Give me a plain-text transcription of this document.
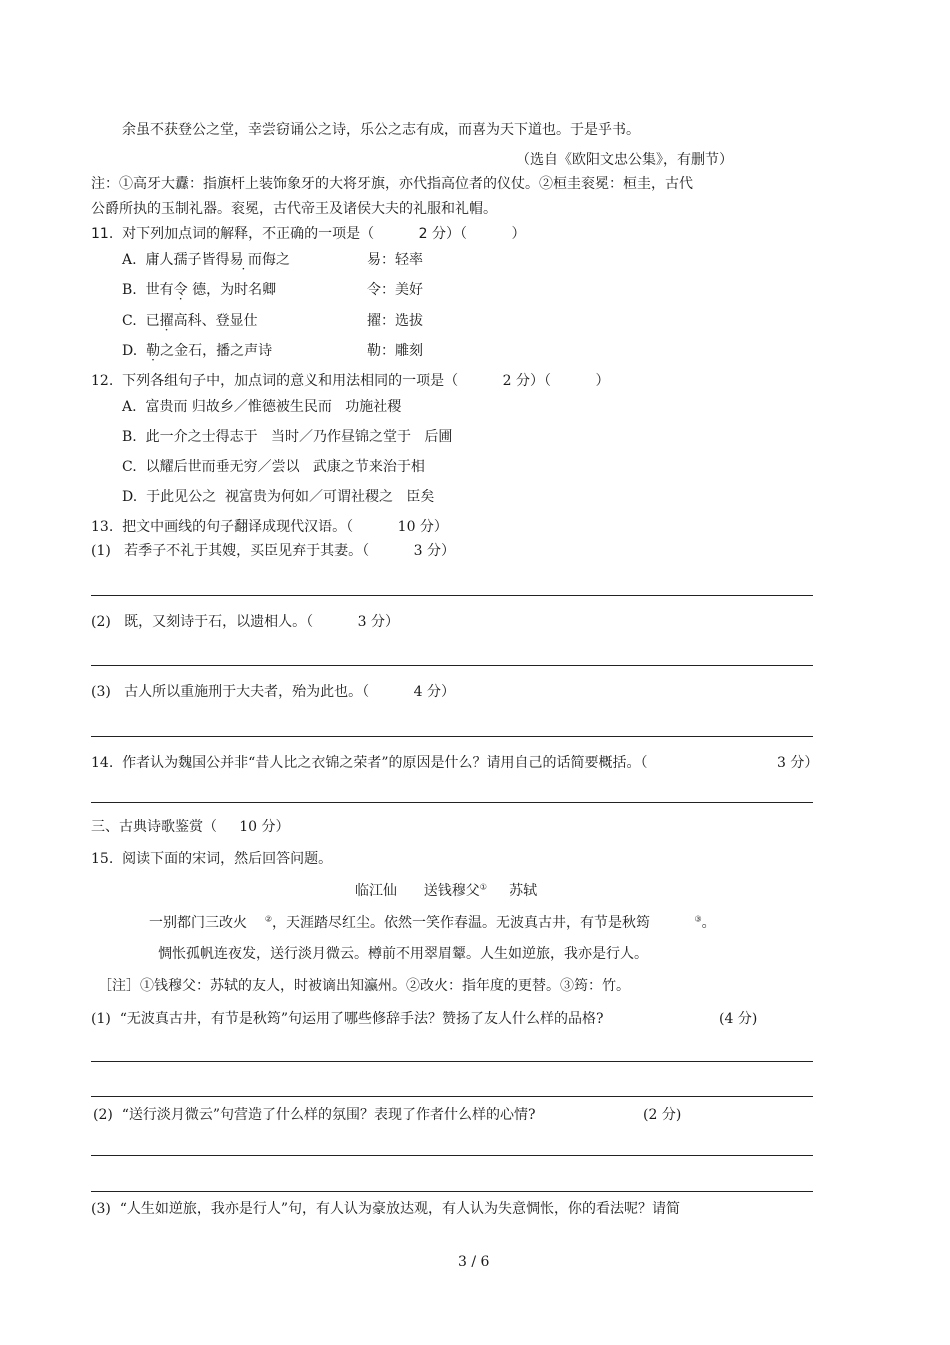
余虽不获登公之堂，幸尝窃诵公之诗，乐公之志有成，而喜为天下道也。于是乎书。
（选自《欧阳文忠公集》，有删节）
注：①高牙大纛：指旗杆上装饰象牙的大将牙旗，亦代指高位者的仪仗。②桓圭衮冕：桓圭，古代
公爵所执的玉制礼器。衮冕，古代帝王及诸侯大夫的礼服和礼帽。
11.  对下列加点词的解释，不正确的一项是（          2 分）（          ）
A. 庸人孺子皆得易 而侮之	易：轻率
B. 世有令 德，为时名卿	令：美好
C. 已擢高科、登显仕	擢：选拔
D. 勒之金石，播之声诗	勒：雕刻
12.  下列各组句子中，加点词的意义和用法相同的一项是（          2 分）（          ）
A. 富贵而 归故乡／惟德被生民而   功施社稷
B. 此一介之士得志于   当时／乃作昼锦之堂于   后圃
C. 以耀后世而垂无穷／尝以   武康之节来治于相
D. 于此见公之  视富贵为何如／可谓社稷之   臣矣
13.  把文中画线的句子翻译成现代汉语。（          10 分）
(1)   若季子不礼于其嫂，买臣见弃于其妻。（          3 分）
(2)   既，又刻诗于石，以遗相人。（          3 分）
(3)   古人所以重施刑于大夫者，殆为此也。（          4 分）
14.  作者认为魏国公并非“昔人比之衣锦之荣者”的原因是什么？请用自己的话简要概括。（	3 分）
三、古典诗歌鉴赏（     10 分）
15.  阅读下面的宋词，然后回答问题。
临江仙      送钱穆父① 苏轼
一别都门三改火 ②，天涯踏尽红尘。依然一笑作春温。无波真古井，有节是秋筠	③。
惆怅孤帆连夜发，送行淡月微云。樽前不用翠眉颦。人生如逆旅，我亦是行人。
［注］①钱穆父：苏轼的友人，时被谪出知瀛州。②改火：指年度的更替。③筠：竹。
(1)  “无波真古井，有节是秋筠”句运用了哪些修辞手法？赞扬了友人什么样的品格?	(4 分)
(2)  “送行淡月微云”句营造了什么样的氛围？表现了作者什么样的心情?	(2 分)
(3)  “人生如逆旅，我亦是行人”句，有人认为豪放达观，有人认为失意惆怅，你的看法呢？请简
3 / 6
